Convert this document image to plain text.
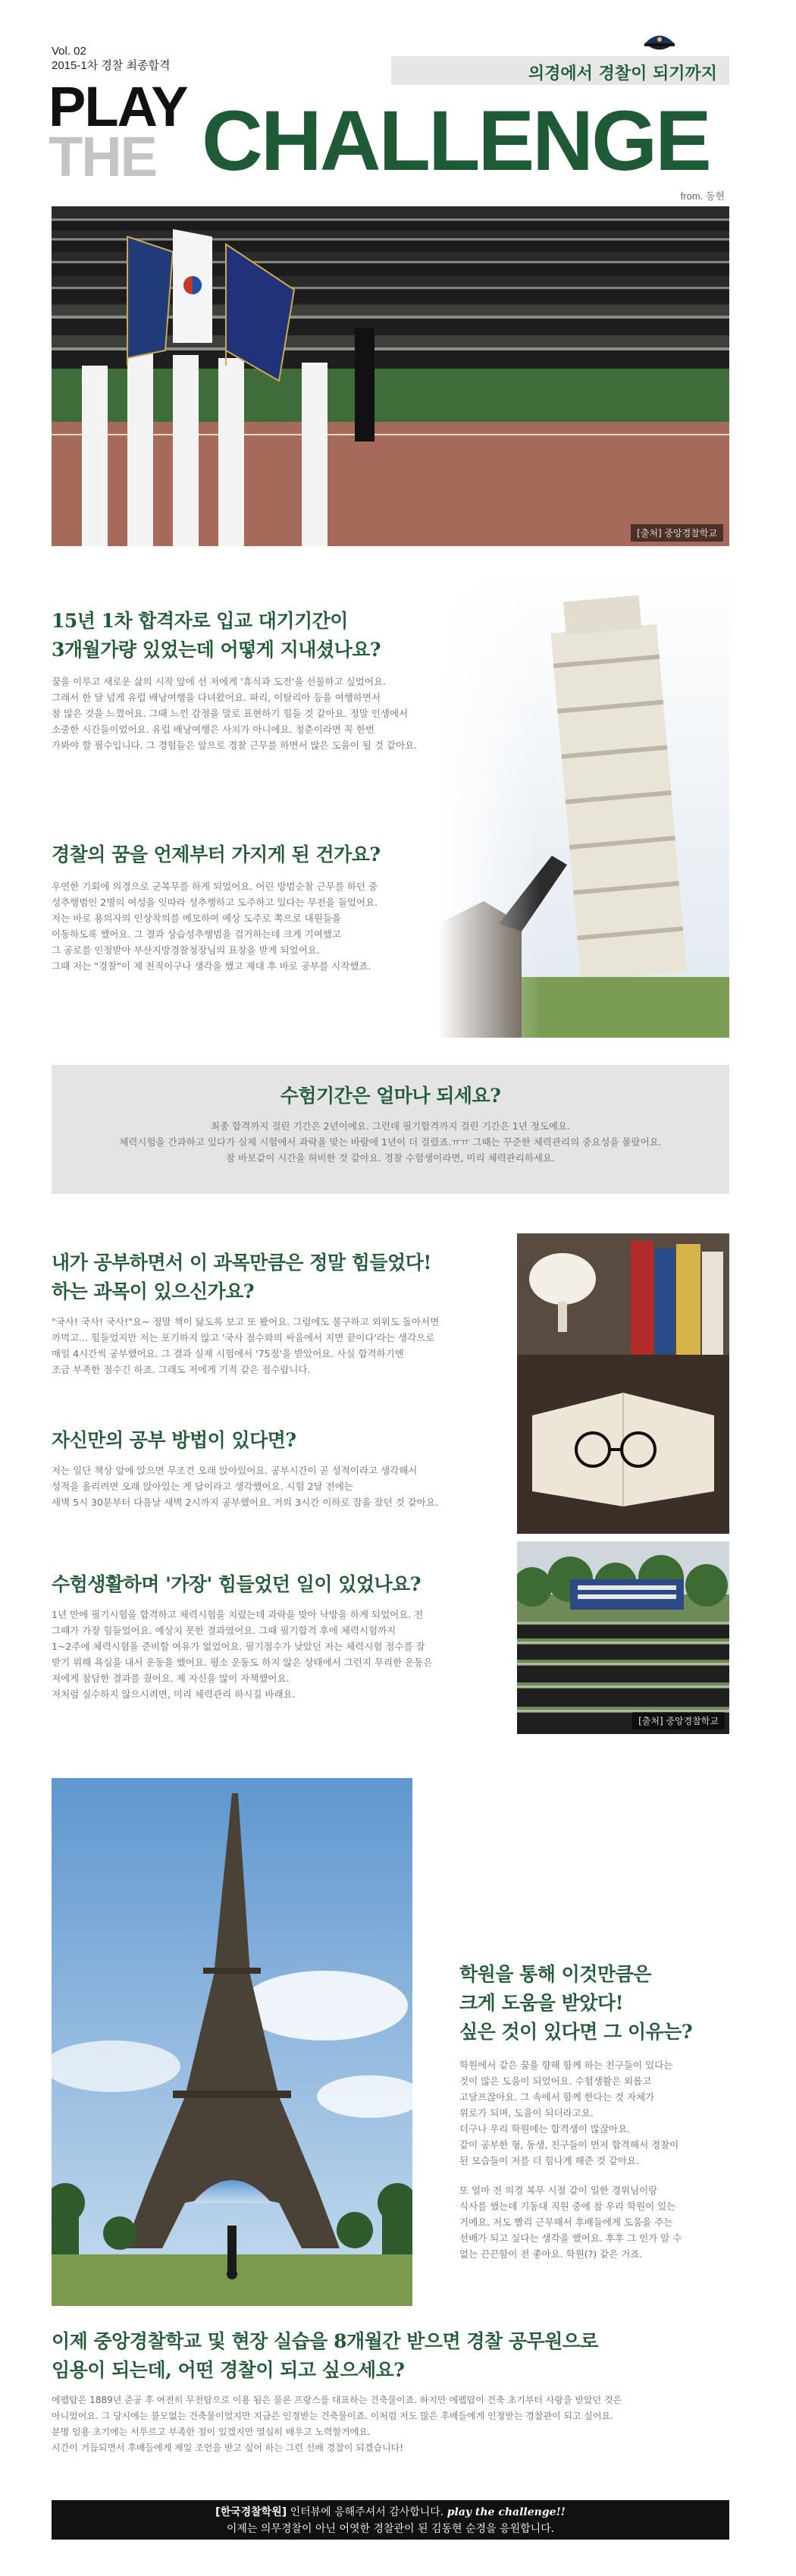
Vol. 02
2015-1차 경찰 최종합격	의경에서 경찰이 되기까지
PLAY
THE CHALLENGE
from. 동현
[출처] 중앙경찰학교
15년 1차 합격자로 입교 대기기간이
3개월가량 있었는데 어떻게 지내셨나요?
꿈을 이루고 새로운 삶의 시작 앞에 선 저에게 '휴식과 도전'을 선물하고 싶었어요.
그래서 한 달 넘게 유럽 배낭여행을 다녀왔어요. 파리, 이탈리아 등을 여행하면서
참 많은 것을 느꼈어요. 그때 느낀 감정을 말로 표현하기 힘들 것 같아요. 정말 인생에서
소중한 시간들이었어요. 유럽 배낭여행은 사치가 아니에요. 청춘이라면 꼭 한번
가봐야 할 필수입니다. 그 경험들은 앞으로 경찰 근무를 하면서 많은 도움이 될 것 같아요.
경찰의 꿈을 언제부터 가지게 된 건가요?
우연한 기회에 의경으로 군복무를 하게 되었어요. 어린 방범순찰 근무를 하던 중
성추행범인 2명의 여성을 잇따라 성추행하고 도주하고 있다는 무전을 들었어요.
저는 바로 용의자의 인상착의를 메모하여 예상 도주로 쪽으로 대원들을
이동하도록 했어요. 그 결과 상습성추행범을 검거하는데 크게 기여했고
그 공로를 인정받아 부산지방경찰청장님의 표창을 받게 되었어요.
그때 저는 "경찰"이 제 천직이구나 생각을 했고 제대 후 바로 공부를 시작했죠.
수험기간은 얼마나 되세요?
최종 합격까지 걸린 기간은 2년이에요. 그런데 필기합격까지 걸린 기간은 1년 정도예요.
체력시험을 간과하고 있다가 실제 시험에서 과락을 맞는 바람에 1년이 더 걸렸죠.ㅠㅠ 그때는 꾸준한 체력관리의 중요성을 몰랐어요.
참 바보같이 시간을 허비한 것 같아요. 경찰 수험생이라면, 미리 체력관리하세요.
내가 공부하면서 이 과목만큼은 정말 힘들었다!
하는 과목이 있으신가요?
"국사! 국사! 국사!"요~ 정말 책이 닳도록 보고 또 봤어요. 그럼에도 불구하고 외워도 돌아서면
까먹고... 힘들었지만 저는 포기하지 않고 '국사 점수와의 싸움에서 지면 끝이다'라는 생각으로
매일 4시간씩 공부했어요. 그 결과 실제 시험에서 '75점'을 받았어요. 사실 합격하기엔
조금 부족한 점수긴 하죠. 그래도 저에게 기적 같은 점수랍니다.
자신만의 공부 방법이 있다면?
저는 일단 책상 앞에 앉으면 무조건 오래 앉아있어요. 공부시간이 곧 성적이라고 생각해서
성적을 올리려면 오래 앉아있는 게 답이라고 생각했어요. 시험 2달 전에는
새벽 5시 30분부터 다음날 새벽 2시까지 공부했어요. 거의 3시간 이하로 잠을 잤던 것 같아요.
수험생활하며 '가장' 힘들었던 일이 있었나요?
1년 만에 필기시험을 합격하고 체력시험을 치렀는데 과락을 맞아 낙방을 하게 되었어요. 전
그때가 가장 힘들었어요. 예상치 못한 결과였어요. 그때 필기합격 후에 체력시험까지
1~2주에 체력시험을 준비할 여유가 없었어요. 필기점수가 낮았던 저는 체력시험 점수를 잘
받기 위해 욕심을 내서 운동을 했어요. 평소 운동도 하지 않은 상태에서 그런지 무리한 운동은
저에게 참담한 결과를 줬어요. 제 자신을 많이 자책했어요.
저처럼 실수하지 않으시려면, 미리 체력관리 하시길 바래요.
[출처] 중앙경찰학교
학원을 통해 이것만큼은
크게 도움을 받았다!
싶은 것이 있다면 그 이유는?
학원에서 같은 꿈을 향해 함께 하는 친구들이 있다는
것이 많은 도움이 되었어요. 수험생활은 외롭고
고달프잖아요. 그 속에서 함께 한다는 것 자체가
위로가 되며, 도움이 되더라고요.
더구나 우리 학원에는 합격생이 많잖아요.
같이 공부한 형, 동생, 친구들이 먼저 합격해서 경찰이
된 모습들이 저를 더 힘나게 해준 것 같아요.
또 얼마 전 의경 복무 시절 같이 일한 경위님이랑
식사를 했는데 기동대 직원 중에 참 우리 학원이 있는
거예요. 저도 빨리 근무해서 후배들에게 도움을 주는
선배가 되고 싶다는 생각을 했어요. 후후 그 인가 알 수
없는 끈끈함이 전 좋아요. 학원(?) 같은 거죠.
이제 중앙경찰학교 및 현장 실습을 8개월간 받으면 경찰 공무원으로
임용이 되는데, 어떤 경찰이 되고 싶으세요?
에펠탑은 1889년 준공 후 여전히 무전탑으로 이용 됨은 물론 프랑스를 대표하는 건축물이죠. 하지만 에펠탑이 건축 초기부터 사랑을 받았던 것은
아니었어요. 그 당시에는 불모없는 건축물이었지만 지금은 인정받는 건축물이죠. 이처럼 저도 많은 후배들에게 인정받는 경찰관이 되고 싶어요.
분명 임용 초기에는 서투르고 부족한 점이 있겠지만 열심히 배우고 노력할거에요.
시간이 거듭되면서 후배들에게 제일 조언을 받고 싶어 하는 그런 선배 경찰이 되겠습니다!
[한국경찰학원] 인터뷰에 응해주셔서 감사합니다. play the challenge!!
이제는 의무경찰이 아닌 어엿한 경찰관이 된 김동현 순경을 응원합니다.
